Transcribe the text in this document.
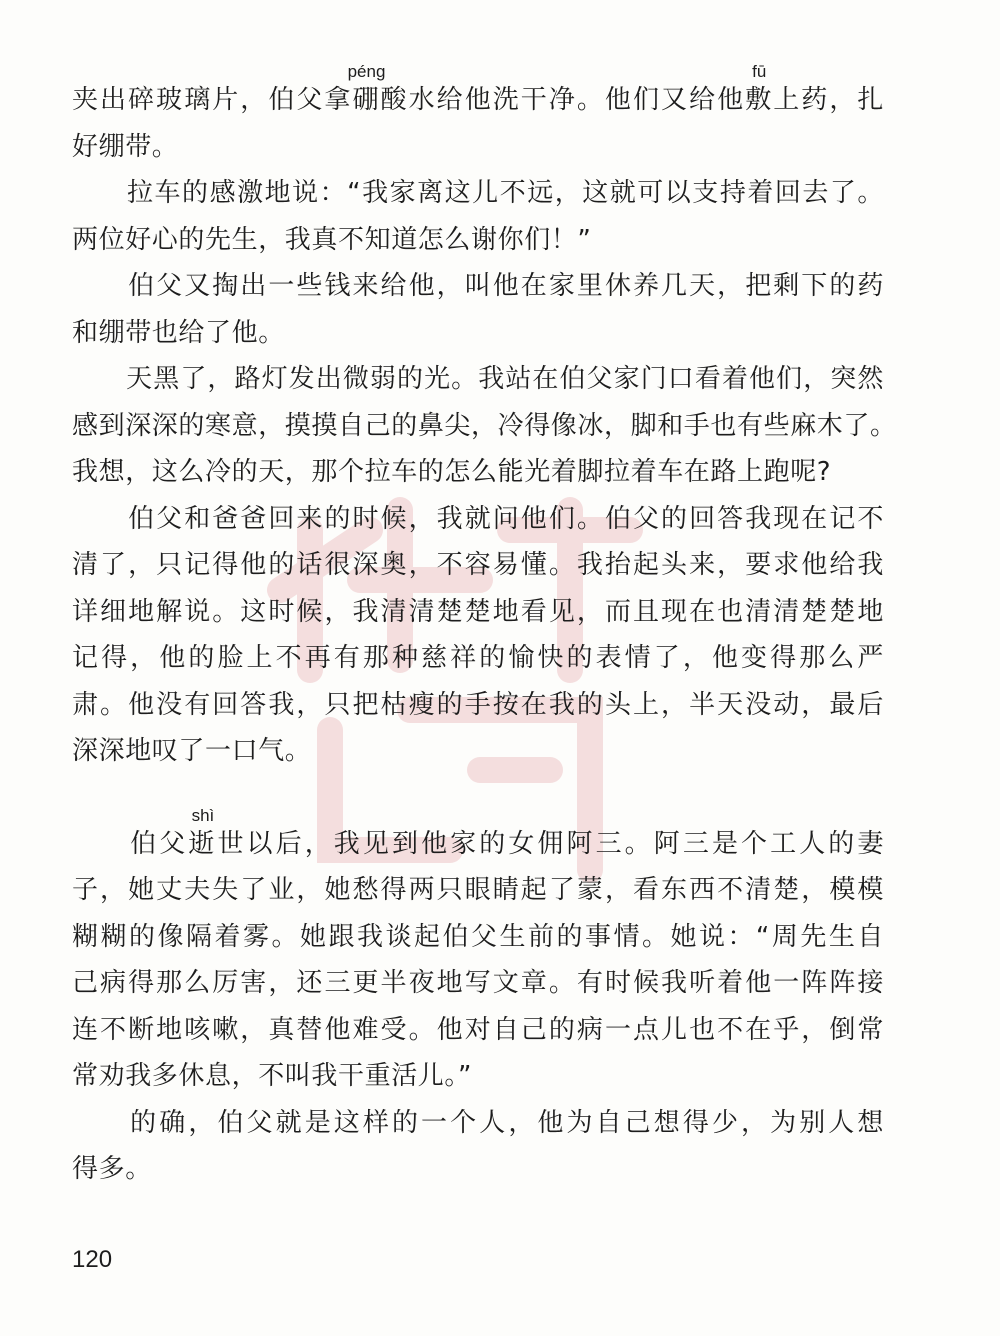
夹出碎玻璃片，伯父拿硼
péng
酸水给他洗干净。他们又给他敷
fū
上药，扎
好绷带。
　　拉车的感激地说：“我家离这儿不远，这就可以支持着回去了。
两位好心的先生，我真不知道怎么谢你们！”
　　伯父又掏出一些钱来给他，叫他在家里休养几天，把剩下的药
和绷带也给了他。
　　天黑了，路灯发出微弱的光。我站在伯父家门口看着他们，突然
感到深深的寒意，摸摸自己的鼻尖，冷得像冰，脚和手也有些麻木了。
我想，这么冷的天，那个拉车的怎么能光着脚拉着车在路上跑呢?
　　伯父和爸爸回来的时候，我就问他们。伯父的回答我现在记不
清了，只记得他的话很深奥，不容易懂。我抬起头来，要求他给我
详细地解说。这时候，我清清楚楚地看见，而且现在也清清楚楚地
记得，他的脸上不再有那种慈祥的愉快的表情了，他变得那么严
肃。他没有回答我，只把枯瘦的手按在我的头上，半天没动，最后
深深地叹了一口气。
　　伯父逝
shì
世以后，我见到他家的女佣阿三。阿三是个工人的妻
子，她丈夫失了业，她愁得两只眼睛起了蒙，看东西不清楚，模模
糊糊的像隔着雾。她跟我谈起伯父生前的事情。她说：“周先生自
己病得那么厉害，还三更半夜地写文章。有时候我听着他一阵阵接
连不断地咳嗽，真替他难受。他对自己的病一点儿也不在乎，倒常
常劝我多休息，不叫我干重活儿。”
　　的确，伯父就是这样的一个人，他为自己想得少，为别人想
得多。
120
